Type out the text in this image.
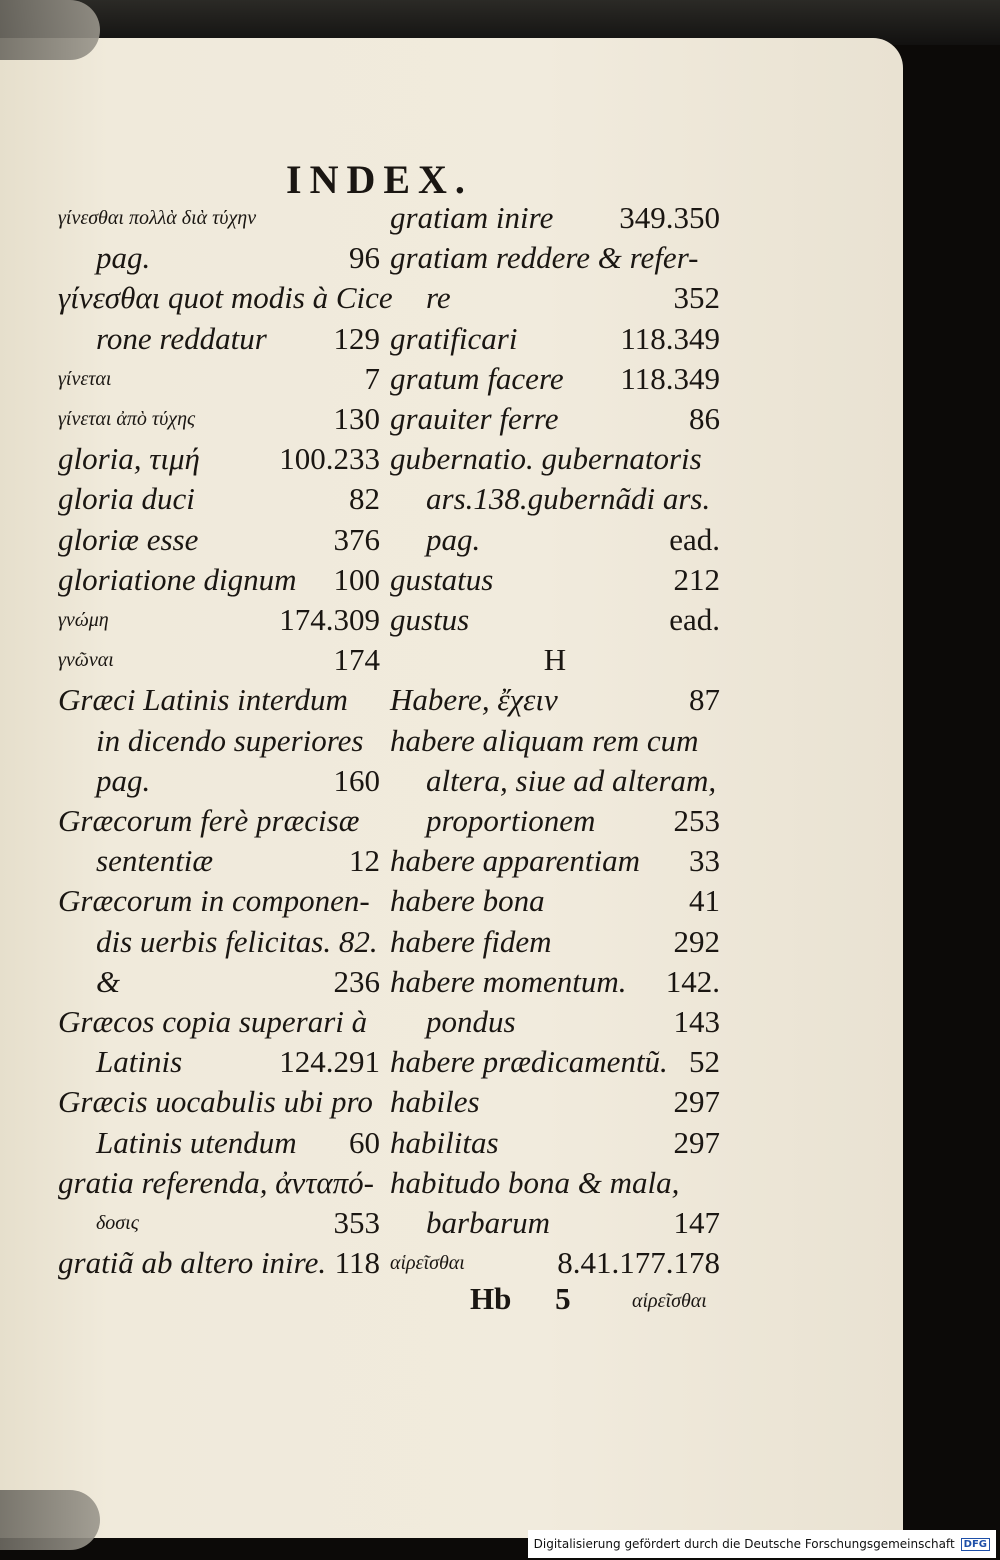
INDEX.
γίνεσθαι πολλὰ διὰ τύχην
pag.	96
γίνεσθαι quot modis à Cice
rone reddatur 129
γίνεται	7
γίνεται ἀπὸ τύχης	130
gloria, τιμή	100.233
gloria duci	82
gloriæ esse	376
gloriatione dignum 100
γνώμη	174.309
γνῶναι	174
Græci Latinis interdum
in dicendo superiores
pag.	160
Græcorum ferè præcisæ
sententiæ	12
Græcorum in componen-
dis uerbis felicitas. 82.
&	236
Græcos copia superari à
Latinis	124.291
Græcis uocabulis ubi pro
Latinis utendum 60
gratia referenda, ἀνταπό-
δοσις	353
gratiã ab altero inire. 118
gratiam inire 349.350
gratiam reddere & refer-
re	352
gratificari	118.349
gratum facere 118.349
grauiter ferre	86
gubernatio. gubernatoris
ars.138.gubernãdi ars.
pag.	ead.
gustatus	212
gustus	ead.
H
Habere, ἔχειν	87
habere aliquam rem cum
altera, siue ad alteram,
proportionem	253
habere apparentiam 33
habere bona	41
habere fidem	292
habere momentum. 142.
pondus	143
habere prædicamentũ. 52
habiles	297
habilitas	297
habitudo bona & mala,
barbarum	147
αἱρεῖσθαι	8.41.177.178
Hb 5	αἱρεῖσθαι
Digitalisierung gefördert durch die Deutsche Forschungsgemeinschaft DFG
